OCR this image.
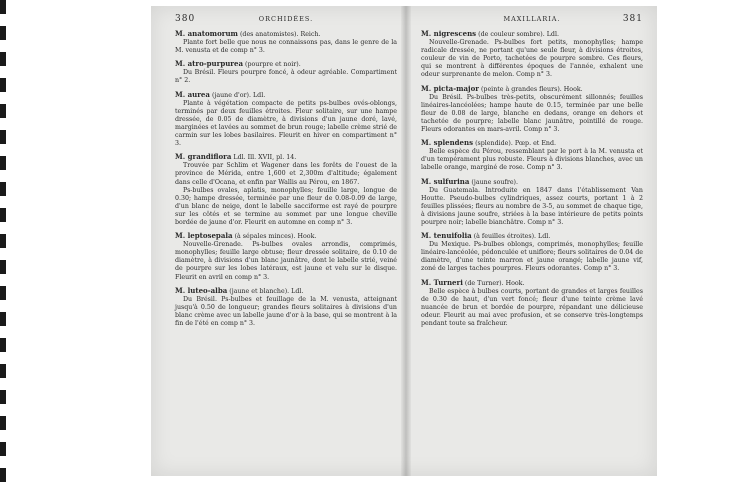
380	ORCHIDÉES.
M. anatomorum (des anatomistes). Reich.
Plante fort belle que nous ne connaissons pas, dans le genre de la M. venusta et de comp n° 3.
M. atro-purpurea (pourpre et noir).
Du Brésil. Fleurs pourpre foncé, à odeur agréable. Compartiment n° 2.
M. aurea (jaune d'or). Ldl.
Plante à végétation compacte de petits ps-bulbes ovés-oblongs, terminés par deux feuilles étroites. Fleur solitaire, sur une hampe dressée, de 0.05 de diamètre, à divisions d'un jaune doré, lavé, marginées et lavées au sommet de brun rouge; labelle crème strié de carmin sur les lobes basilaires. Fleurit en hiver en compartiment n° 3.
M. grandiflora Ldl. Ill. XVII, pl. 14.
Trouvée par Schlim et Wagener dans les forêts de l'ouest de la province de Mérida, entre 1,600 et 2,300m d'altitude; également dans celle d'Ocana, et enfin par Wallis au Pérou, en 1867.
Ps-bulbes ovales, aplatis, monophylles; feuille large, longue de 0.30; hampe dressée, terminée par une fleur de 0.08-0.09 de large, d'un blanc de neige, dont le labelle sacciforme est rayé de pourpre sur les côtés et se termine au sommet par une longue cheville bordée de jaune d'or. Fleurit en automne en comp n° 3.
M. leptosepala (à sépales minces). Hook.
Nouvelle-Grenade. Ps-bulbes ovales arrondis, comprimés, monophylles; feuille large obtuse; fleur dressée solitaire, de 0.10 de diamètre, à divisions d'un blanc jaunâtre, dont le labelle strié, veiné de pourpre sur les lobes latéraux, est jaune et velu sur le disque. Fleurit en avril en comp n° 3.
M. luteo-alba (jaune et blanche). Ldl.
Du Brésil. Ps-bulbes et feuillage de la M. venusta, atteignant jusqu'à 0.50 de longueur; grandes fleurs solitaires à divisions d'un blanc crème avec un labelle jaune d'or à la base, qui se montrent à la fin de l'été en comp n° 3.
MAXILLARIA.	381
M. nigrescens (de couleur sombre). Ldl.
Nouvelle-Grenade. Ps-bulbes fort petits, monophylles; hampe radicale dressée, ne portant qu'une seule fleur, à divisions étroites, couleur de vin de Porto, tachetées de pourpre sombre. Ces fleurs, qui se montrent à différentes époques de l'année, exhalent une odeur surprenante de melon. Comp n° 3.
M. picta-major (peinte à grandes fleurs). Hook.
Du Brésil. Ps-bulbes très-petits, obscurément sillonnés; feuilles linéaires-lancéolées; hampe haute de 0.15, terminée par une belle fleur de 0.08 de large, blanche en dedans, orange en dehors et tachetée de pourpre; labelle blanc jaunâtre, pointillé de rouge. Fleurs odorantes en mars-avril. Comp n° 3.
M. splendens (splendide). Pœp. et End.
Belle espèce du Pérou, ressemblant par le port à la M. venusta et d'un tempérament plus robuste. Fleurs à divisions blanches, avec un labelle orange, marginé de rose. Comp n° 3.
M. sulfurina (jaune soufre).
Du Guatemala. Introduite en 1847 dans l'établissement Van Houtte. Pseudo-bulbes cylindriques, assez courts, portant 1 à 2 feuilles plissées; fleurs au nombre de 3-5, au sommet de chaque tige, à divisions jaune soufre, striées à la base intérieure de petits points pourpre noir; labelle bianchâtre. Comp n° 3.
M. tenuifolia (à feuilles étroites). Ldl.
Du Mexique. Ps-bulbes oblongs, comprimés, monophylles; feuille linéaire-lancéolée, pédonculée et uniflore; fleurs solitaires de 0.04 de diamètre, d'une teinte marron et jaune orangé; labelle jaune vif, zoné de larges taches pourpres. Fleurs odorantes. Comp n° 3.
M. Turneri (de Turner). Hook.
Belle espèce à bulbes courts, portant de grandes et larges feuilles de 0.30 de haut, d'un vert foncé; fleur d'une teinte crème lavé nuancée de brun et bordée de pourpre, répandant une délicieuse odeur. Fleurit au mai avec profusion, et se conserve très-longtemps pendant toute sa fraîcheur.
